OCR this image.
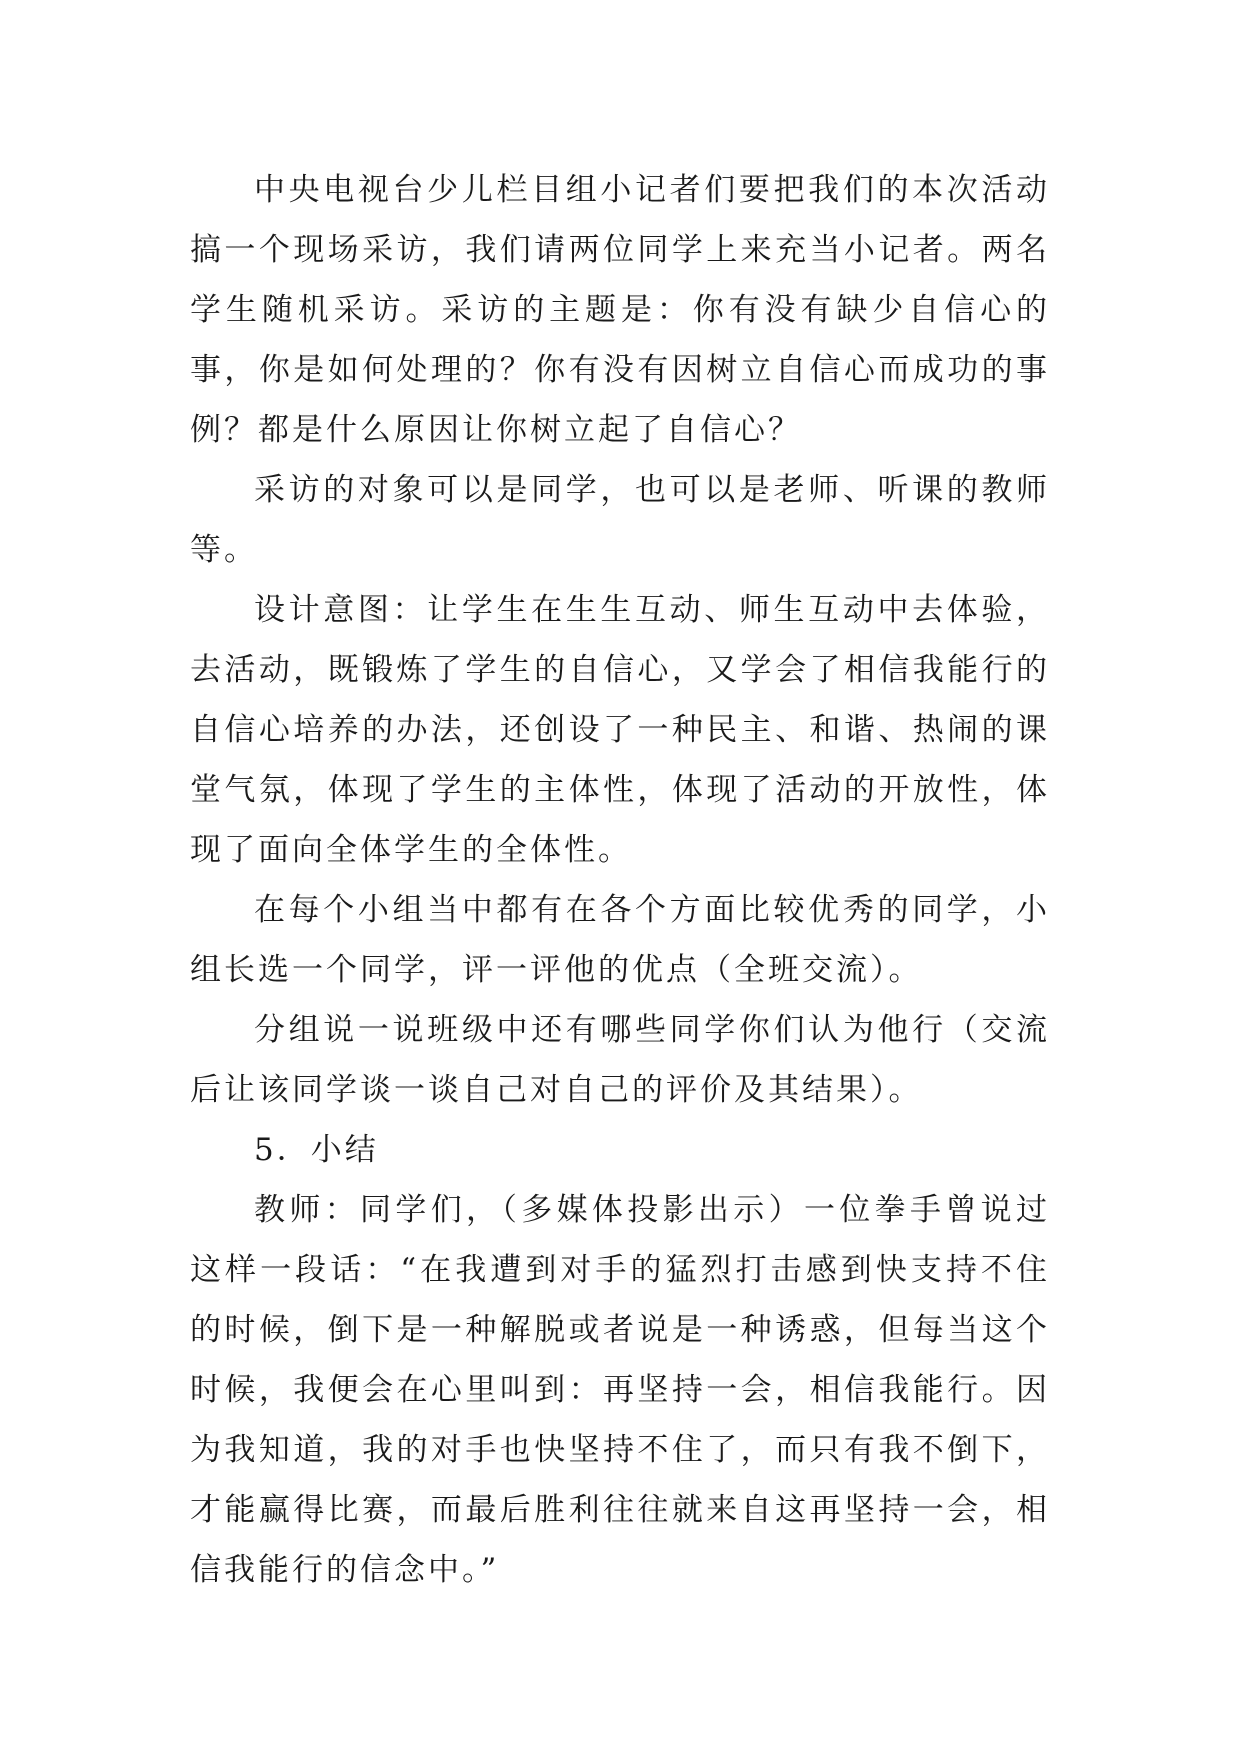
中央电视台少儿栏目组小记者们要把我们的本次活动搞一个现场采访，我们请两位同学上来充当小记者。两名学生随机采访。采访的主题是：你有没有缺少自信心的事，你是如何处理的？你有没有因树立自信心而成功的事例？都是什么原因让你树立起了自信心？

采访的对象可以是同学，也可以是老师、听课的教师等。

设计意图：让学生在生生互动、师生互动中去体验，去活动，既锻炼了学生的自信心，又学会了相信我能行的自信心培养的办法，还创设了一种民主、和谐、热闹的课堂气氛，体现了学生的主体性，体现了活动的开放性，体现了面向全体学生的全体性。

在每个小组当中都有在各个方面比较优秀的同学，小组长选一个同学，评一评他的优点（全班交流）。

分组说一说班级中还有哪些同学你们认为他行（交流后让该同学谈一谈自己对自己的评价及其结果）。

5．小结

教师：同学们，（多媒体投影出示）一位拳手曾说过这样一段话：“在我遭到对手的猛烈打击感到快支持不住的时候，倒下是一种解脱或者说是一种诱惑，但每当这个时候，我便会在心里叫到：再坚持一会，相信我能行。因为我知道，我的对手也快坚持不住了，而只有我不倒下，才能赢得比赛，而最后胜利往往就来自这再坚持一会，相信我能行的信念中。”
